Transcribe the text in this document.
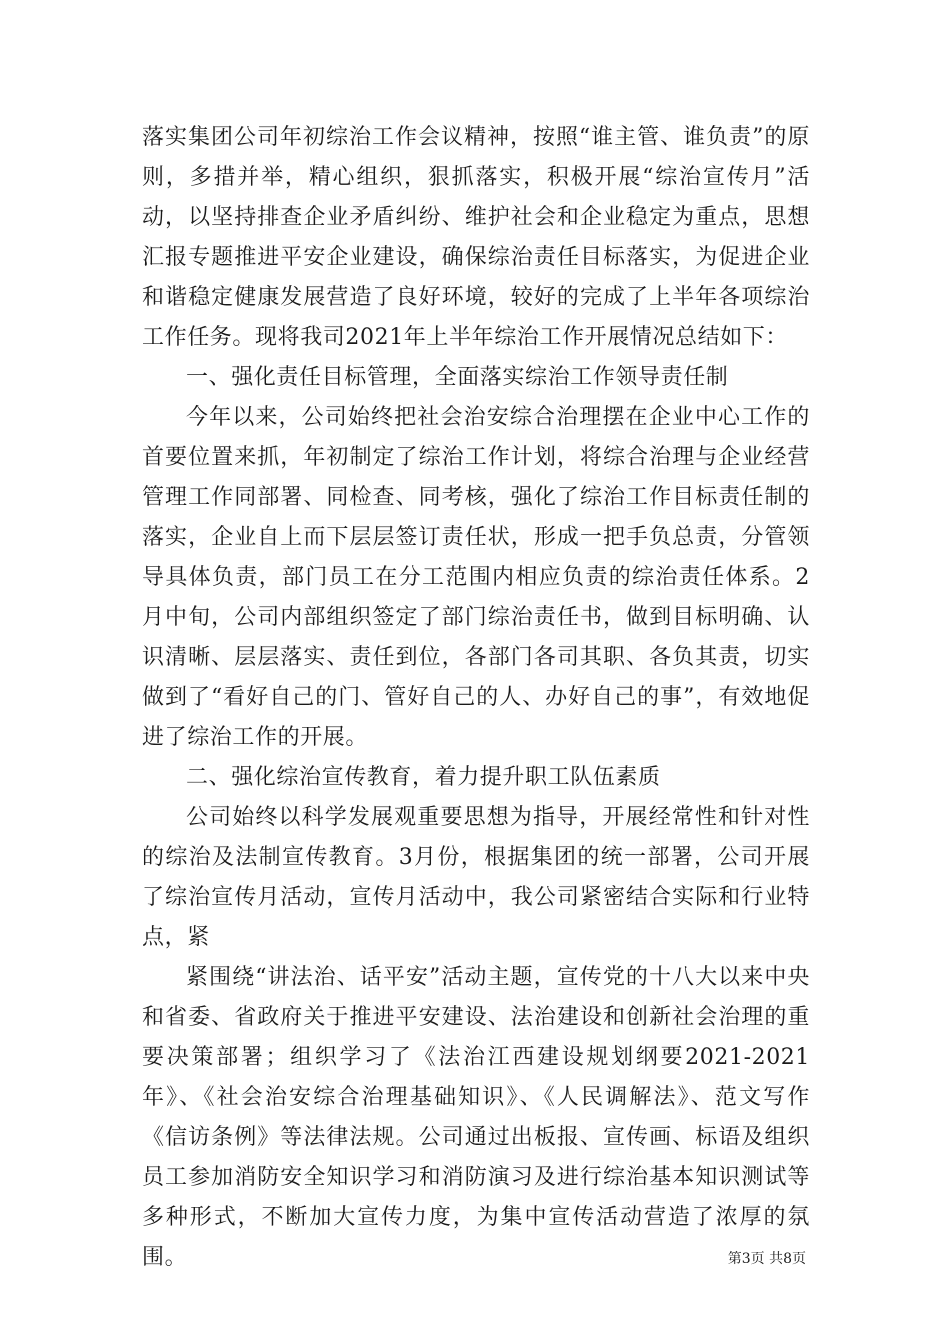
落实集团公司年初综治工作会议精神，按照“谁主管、谁负责”的原则，多措并举，精心组织，狠抓落实，积极开展“综治宣传月”活动，以坚持排查企业矛盾纠纷、维护社会和企业稳定为重点，思想汇报专题推进平安企业建设，确保综治责任目标落实，为促进企业和谐稳定健康发展营造了良好环境，较好的完成了上半年各项综治工作任务。现将我司2021年上半年综治工作开展情况总结如下：

一、强化责任目标管理，全面落实综治工作领导责任制

今年以来，公司始终把社会治安综合治理摆在企业中心工作的首要位置来抓，年初制定了综治工作计划，将综合治理与企业经营管理工作同部署、同检查、同考核，强化了综治工作目标责任制的落实，企业自上而下层层签订责任状，形成一把手负总责，分管领导具体负责，部门员工在分工范围内相应负责的综治责任体系。2月中旬，公司内部组织签定了部门综治责任书，做到目标明确、认识清晰、层层落实、责任到位，各部门各司其职、各负其责，切实做到了“看好自己的门、管好自己的人、办好自己的事”，有效地促进了综治工作的开展。

二、强化综治宣传教育，着力提升职工队伍素质

公司始终以科学发展观重要思想为指导，开展经常性和针对性的综治及法制宣传教育。3月份，根据集团的统一部署，公司开展了综治宣传月活动，宣传月活动中，我公司紧密结合实际和行业特点，紧

紧围绕“讲法治、话平安”活动主题，宣传党的十八大以来中央和省委、省政府关于推进平安建设、法治建设和创新社会治理的重要决策部署；组织学习了《法治江西建设规划纲要2021-2021年》、《社会治安综合治理基础知识》、《人民调解法》、范文写作《信访条例》等法律法规。公司通过出板报、宣传画、标语及组织员工参加消防安全知识学习和消防演习及进行综治基本知识测试等多种形式，不断加大宣传力度，为集中宣传活动营造了浓厚的氛围。	第3页 共8页
